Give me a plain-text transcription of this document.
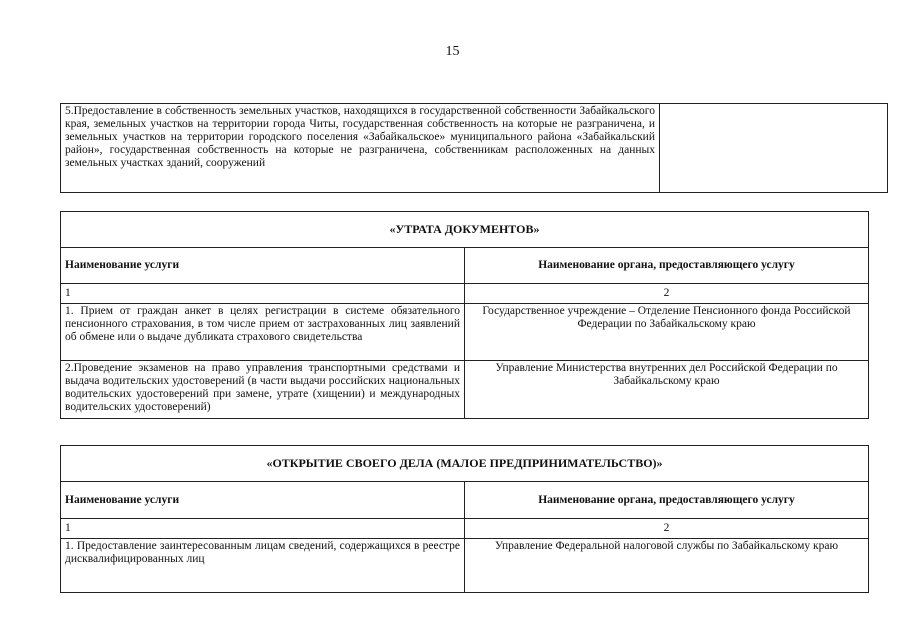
15
5.Предоставление в собственность земельных участков, находящихся в государственной собственности Забайкальского края, земельных участков на территории города Читы, государственная собственность на которые не разграничена, и земельных участков на территории городского поселения «Забайкальское» муниципального района «Забайкальский район», государственная собственность на которые не разграничена, собственникам расположенных на данных земельных участках зданий, сооружений	
«УТРАТА ДОКУМЕНТОВ»	
Наименование услуги	Наименование органа, предоставляющего услугу
1	2
1. Прием от граждан анкет в целях регистрации в системе обязательного пенсионного страхования, в том числе прием от застрахованных лиц заявлений об обмене или о выдаче дубликата страхового свидетельства	Государственное учреждение – Отделение Пенсионного фонда Российской Федерации по Забайкальскому краю
2.Проведение экзаменов на право управления транспортными средствами и выдача водительских удостоверений (в части выдачи российских национальных водительских удостоверений при замене, утрате (хищении) и международных водительских удостоверений)	Управление Министерства внутренних дел Российской Федерации по Забайкальскому краю
«ОТКРЫТИЕ СВОЕГО ДЕЛА (МАЛОЕ ПРЕДПРИНИМАТЕЛЬСТВО)»	
Наименование услуги	Наименование органа, предоставляющего услугу
1	2
1. Предоставление заинтересованным лицам сведений, содержащихся в реестре дисквалифицированных лиц	Управление Федеральной налоговой службы по Забайкальскому краю
